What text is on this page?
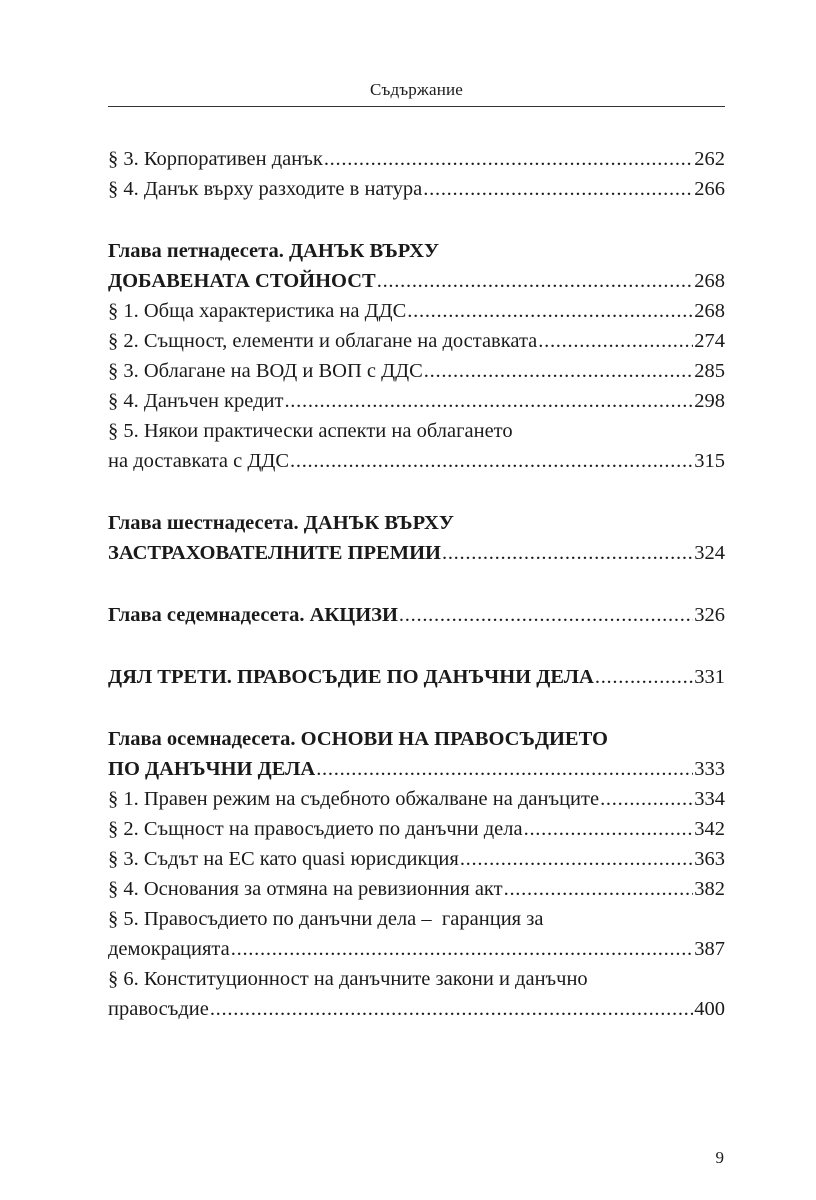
Съдържание
§ 3. Корпоративен данък . . .	262
§ 4. Данък върху разходите в натура . . .	266
Глава петнадесета. ДАНЪК ВЪРХУ
ДОБАВЕНАТА СТОЙНОСТ . . .	268
§ 1. Обща характеристика на ДДС . . .	268
§ 2. Същност, елементи и облагане на доставката . . .	274
§ 3. Облагане на ВОД и ВОП с ДДС . . .	285
§ 4. Данъчен кредит . . .	298
§ 5. Някои практически аспекти на облагането
на доставката с ДДС . . .	315
Глава шестнадесета. ДАНЪК ВЪРХУ
ЗАСТРАХОВАТЕЛНИТЕ ПРЕМИИ . . .	324
Глава седемнадесета. АКЦИЗИ . . .	326
ДЯЛ ТРЕТИ. ПРАВОСЪДИЕ ПО ДАНЪЧНИ ДЕЛА . . .	331
Глава осемнадесета. ОСНОВИ НА ПРАВОСЪДИЕТО
ПО ДАНЪЧНИ ДЕЛА . . .	333
§ 1. Правен режим на съдебното обжалване на данъците . . .	334
§ 2. Същност на правосъдието по данъчни дела . . .	342
§ 3. Съдът на ЕС като quasi юрисдикция . . .	363
§ 4. Основания за отмяна на ревизионния акт . . .	382
§ 5. Правосъдието по данъчни дела –  гаранция за
демокрацията . . .	387
§ 6. Конституционност на данъчните закони и данъчно
правосъдие . . .	400
9
